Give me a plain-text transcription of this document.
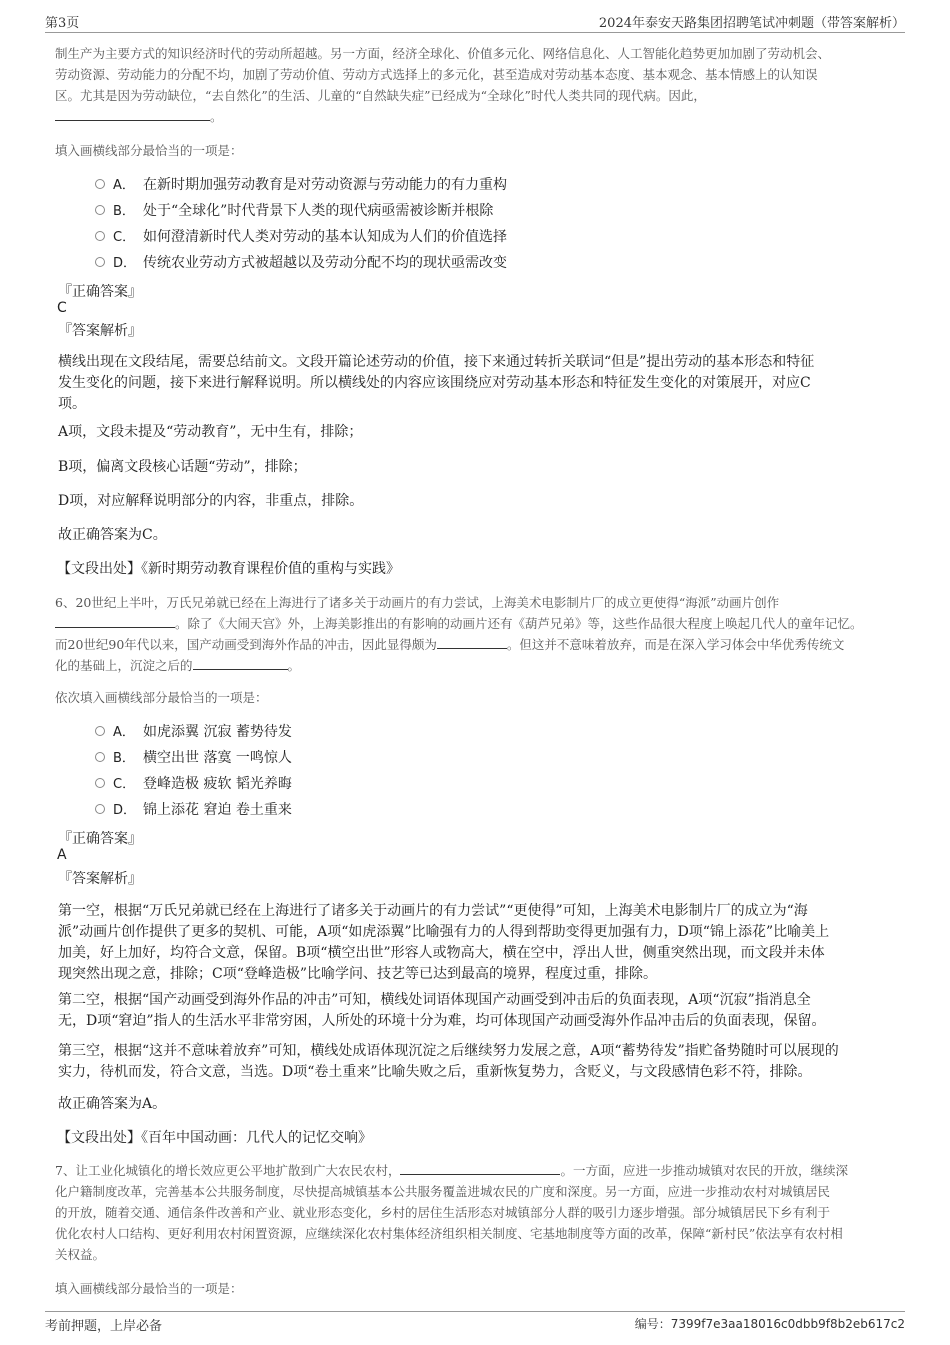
第3页	2024年泰安天路集团招聘笔试冲刺题（带答案解析）

制生产为主要方式的知识经济时代的劳动所超越。另一方面，经济全球化、价值多元化、网络信息化、人工智能化趋势更加加剧了劳动机会、

劳动资源、劳动能力的分配不均，加剧了劳动价值、劳动方式选择上的多元化，甚至造成对劳动基本态度、基本观念、基本情感上的认知误

区。尤其是因为劳动缺位，“去自然化”的生活、儿童的“自然缺失症”已经成为“全球化”时代人类共同的现代病。因此，

。

填入画横线部分最恰当的一项是：

A． 在新时期加强劳动教育是对劳动资源与劳动能力的有力重构
B． 处于“全球化”时代背景下人类的现代病亟需被诊断并根除
C． 如何澄清新时代人类对劳动的基本认知成为人们的价值选择
D． 传统农业劳动方式被超越以及劳动分配不均的现状亟需改变
『正确答案』
C
『答案解析』

横线出现在文段结尾，需要总结前文。文段开篇论述劳动的价值，接下来通过转折关联词“但是”提出劳动的基本形态和特征

发生变化的问题，接下来进行解释说明。所以横线处的内容应该围绕应对劳动基本形态和特征发生变化的对策展开，对应C

项。

A项，文段未提及“劳动教育”，无中生有，排除；

B项，偏离文段核心话题“劳动”，排除；

D项，对应解释说明部分的内容，非重点，排除。

故正确答案为C。

【文段出处】《新时期劳动教育课程价值的重构与实践》

6、20世纪上半叶，万氏兄弟就已经在上海进行了诸多关于动画片的有力尝试，上海美术电影制片厂的成立更使得“海派”动画片创作

。除了《大闹天宫》外，上海美影推出的有影响的动画片还有《葫芦兄弟》等，这些作品很大程度上唤起几代人的童年记忆。

而20世纪90年代以来，国产动画受到海外作品的冲击，因此显得颇为	。但这并不意味着放弃，而是在深入学习体会中华优秀传统文

化的基础上，沉淀之后的	。

依次填入画横线部分最恰当的一项是：

A． 如虎添翼 沉寂 蓄势待发
B． 横空出世 落寞 一鸣惊人
C． 登峰造极 疲软 韬光养晦
D． 锦上添花 窘迫 卷土重来
『正确答案』
A
『答案解析』

第一空，根据“万氏兄弟就已经在上海进行了诸多关于动画片的有力尝试”“更使得”可知，上海美术电影制片厂的成立为“海

派”动画片创作提供了更多的契机、可能，A项“如虎添翼”比喻强有力的人得到帮助变得更加强有力，D项“锦上添花”比喻美上

加美，好上加好，均符合文意，保留。B项“横空出世”形容人或物高大，横在空中，浮出人世，侧重突然出现，而文段并未体

现突然出现之意，排除；C项“登峰造极”比喻学问、技艺等已达到最高的境界，程度过重，排除。

第二空，根据“国产动画受到海外作品的冲击”可知，横线处词语体现国产动画受到冲击后的负面表现，A项“沉寂”指消息全

无，D项“窘迫”指人的生活水平非常穷困，人所处的环境十分为难，均可体现国产动画受海外作品冲击后的负面表现，保留。

第三空，根据“这并不意味着放弃”可知，横线处成语体现沉淀之后继续努力发展之意，A项“蓄势待发”指贮备势随时可以展现的

实力，待机而发，符合文意，当选。D项“卷土重来”比喻失败之后，重新恢复势力，含贬义，与文段感情色彩不符，排除。

故正确答案为A。

【文段出处】《百年中国动画：几代人的记忆交响》

7、让工业化城镇化的增长效应更公平地扩散到广大农民农村，	。一方面，应进一步推动城镇对农民的开放，继续深

化户籍制度改革，完善基本公共服务制度，尽快提高城镇基本公共服务覆盖进城农民的广度和深度。另一方面，应进一步推动农村对城镇居民

的开放，随着交通、通信条件改善和产业、就业形态变化，乡村的居住生活形态对城镇部分人群的吸引力逐步增强。部分城镇居民下乡有利于

优化农村人口结构、更好利用农村闲置资源，应继续深化农村集体经济组织相关制度、宅基地制度等方面的改革，保障“新村民”依法享有农村相

关权益。

填入画横线部分最恰当的一项是：

考前押题，上岸必备	编号：7399f7e3aa18016c0dbb9f8b2eb617c2
